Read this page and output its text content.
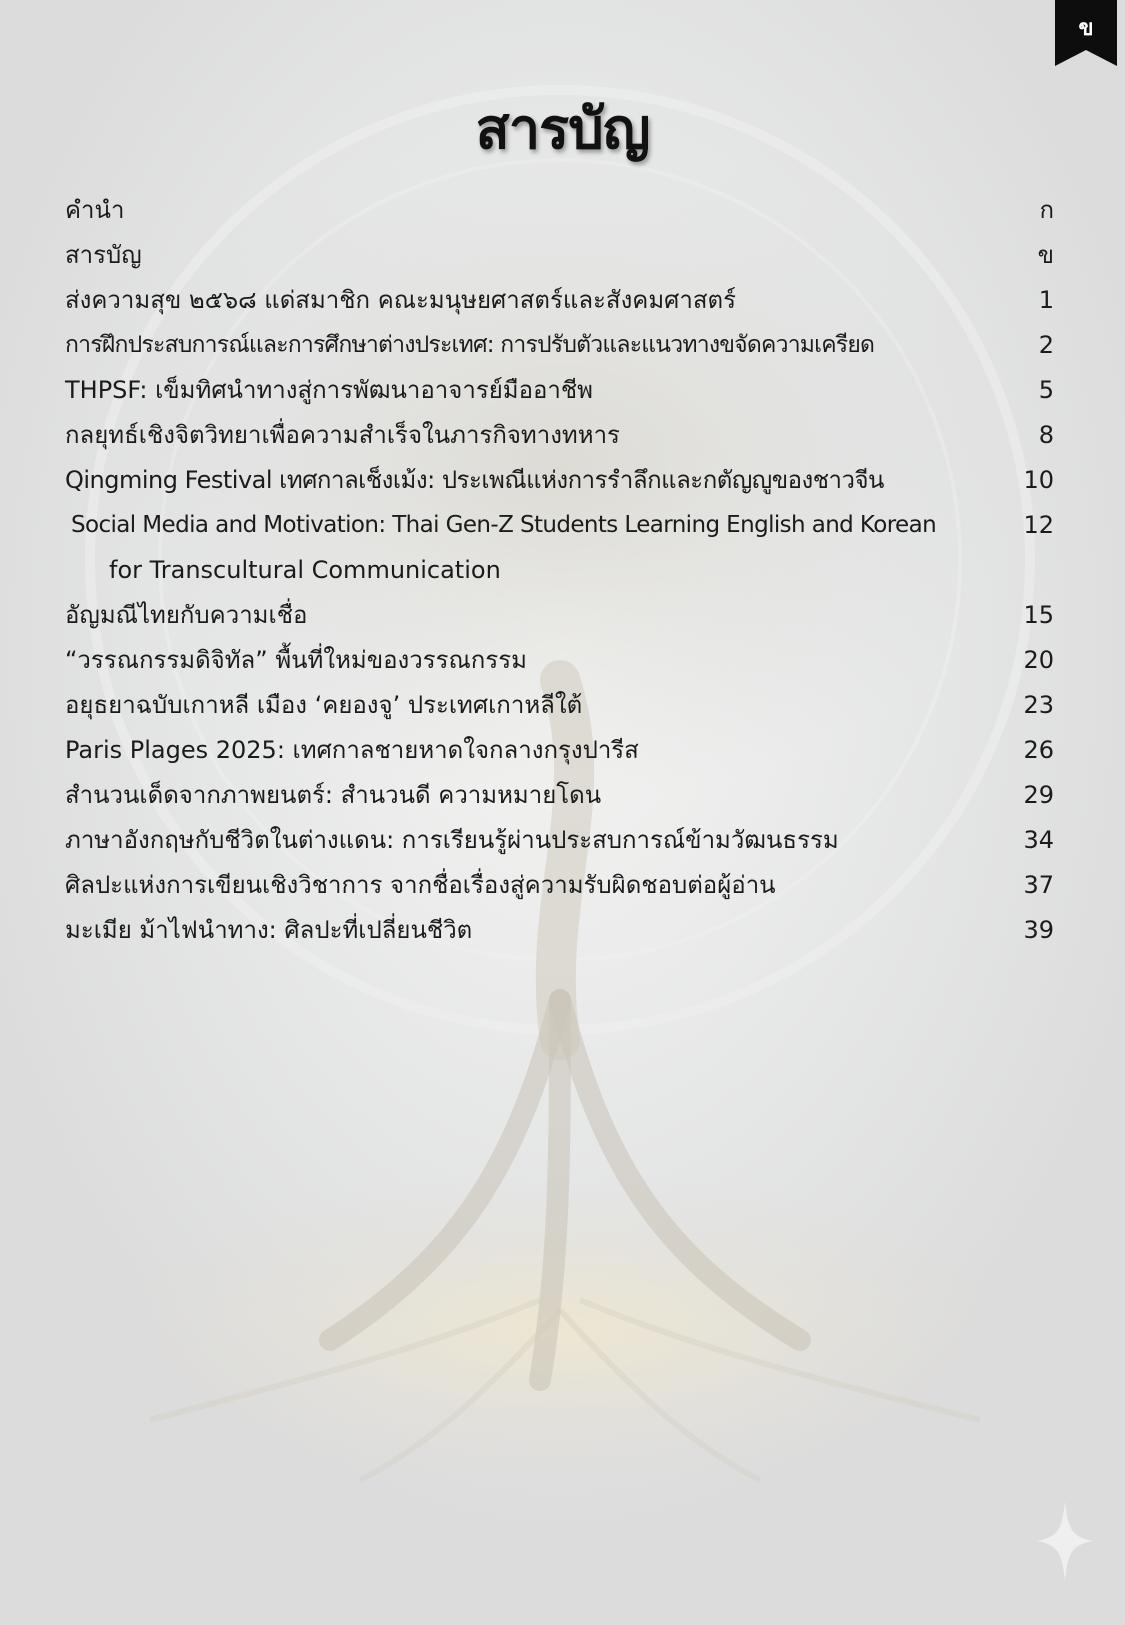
ข
สารบัญ
คำนำ	ก
สารบัญ	ข
ส่งความสุข ๒๕๖๘ แด่สมาชิก คณะมนุษยศาสตร์และสังคมศาสตร์	1
การฝึกประสบการณ์และการศึกษาต่างประเทศ: การปรับตัวและแนวทางขจัดความเครียด	2
THPSF: เข็มทิศนำทางสู่การพัฒนาอาจารย์มืออาชีพ	5
กลยุทธ์เชิงจิตวิทยาเพื่อความสำเร็จในภารกิจทางทหาร	8
Qingming Festival เทศกาลเช็งเม้ง: ประเพณีแห่งการรำลึกและกตัญญูของชาวจีน	10
Social Media and Motivation: Thai Gen-Z Students Learning English and Korean	12
for Transcultural Communication
อัญมณีไทยกับความเชื่อ	15
“วรรณกรรมดิจิทัล” พื้นที่ใหม่ของวรรณกรรม	20
อยุธยาฉบับเกาหลี เมือง ‘คยองจู’ ประเทศเกาหลีใต้	23
Paris Plages 2025: เทศกาลชายหาดใจกลางกรุงปารีส	26
สำนวนเด็ดจากภาพยนตร์: สำนวนดี ความหมายโดน	29
ภาษาอังกฤษกับชีวิตในต่างแดน: การเรียนรู้ผ่านประสบการณ์ข้ามวัฒนธรรม	34
ศิลปะแห่งการเขียนเชิงวิชาการ จากชื่อเรื่องสู่ความรับผิดชอบต่อผู้อ่าน	37
มะเมีย ม้าไฟนำทาง: ศิลปะที่เปลี่ยนชีวิต	39
